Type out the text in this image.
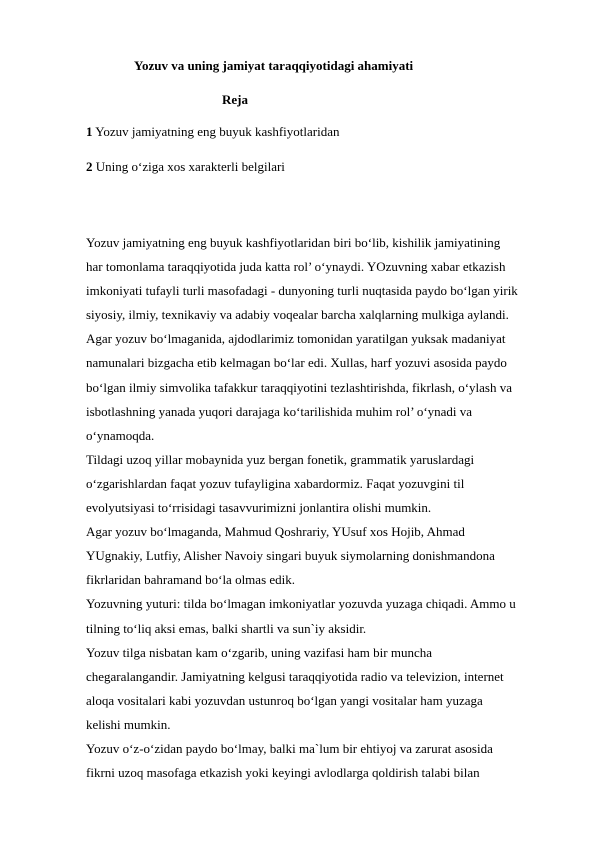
Yozuv va uning jamiyat taraqqiyotidagi ahamiyati
Reja
1 Yozuv jamiyatning eng buyuk kashfiyotlaridan
2 Uning o‘ziga xos xarakterli belgilari
Yozuv jamiyatning eng buyuk kashfiyotlaridan biri bo‘lib, kishilik jamiyatining
har tomonlama taraqqiyotida juda katta rol’ o‘ynaydi. YOzuvning xabar etkazish
imkoniyati tufayli turli masofadagi - dunyoning turli nuqtasida paydo bo‘lgan yirik
siyosiy, ilmiy, texnikaviy va adabiy voqealar barcha xalqlarning mulkiga aylandi.
Agar yozuv bo‘lmaganida, ajdodlarimiz tomonidan yaratilgan yuksak madaniyat
namunalari bizgacha etib kelmagan bo‘lar edi. Xullas, harf yozuvi asosida paydo
bo‘lgan ilmiy simvolika tafakkur taraqqiyotini tezlashtirishda, fikrlash, o‘ylash va
isbotlashning yanada yuqori darajaga ko‘tarilishida muhim rol’ o‘ynadi va
o‘ynamoqda.
Tildagi uzoq yillar mobaynida yuz bergan fonetik, grammatik yaruslardagi
o‘zgarishlardan faqat yozuv tufayligina xabardormiz. Faqat yozuvgini til
evolyutsiyasi to‘rrisidagi tasavvurimizni jonlantira olishi mumkin.
Agar yozuv bo‘lmaganda, Mahmud Qoshrariy, YUsuf xos Hojib, Ahmad
YUgnakiy, Lutfiy, Alisher Navoiy singari buyuk siymolarning donishmandona
fikrlaridan bahramand bo‘la olmas edik.
Yozuvning yuturi: tilda bo‘lmagan imkoniyatlar yozuvda yuzaga chiqadi. Ammo u
tilning to‘liq aksi emas, balki shartli va sun`iy aksidir.
Yozuv tilga nisbatan kam o‘zgarib, uning vazifasi ham bir muncha
chegaralangandir. Jamiyatning kelgusi taraqqiyotida radio va televizion, internet
aloqa vositalari kabi yozuvdan ustunroq bo‘lgan yangi vositalar ham yuzaga
kelishi mumkin.
Yozuv o‘z-o‘zidan paydo bo‘lmay, balki ma`lum bir ehtiyoj va zarurat asosida
fikrni uzoq masofaga etkazish yoki keyingi avlodlarga qoldirish talabi bilan
